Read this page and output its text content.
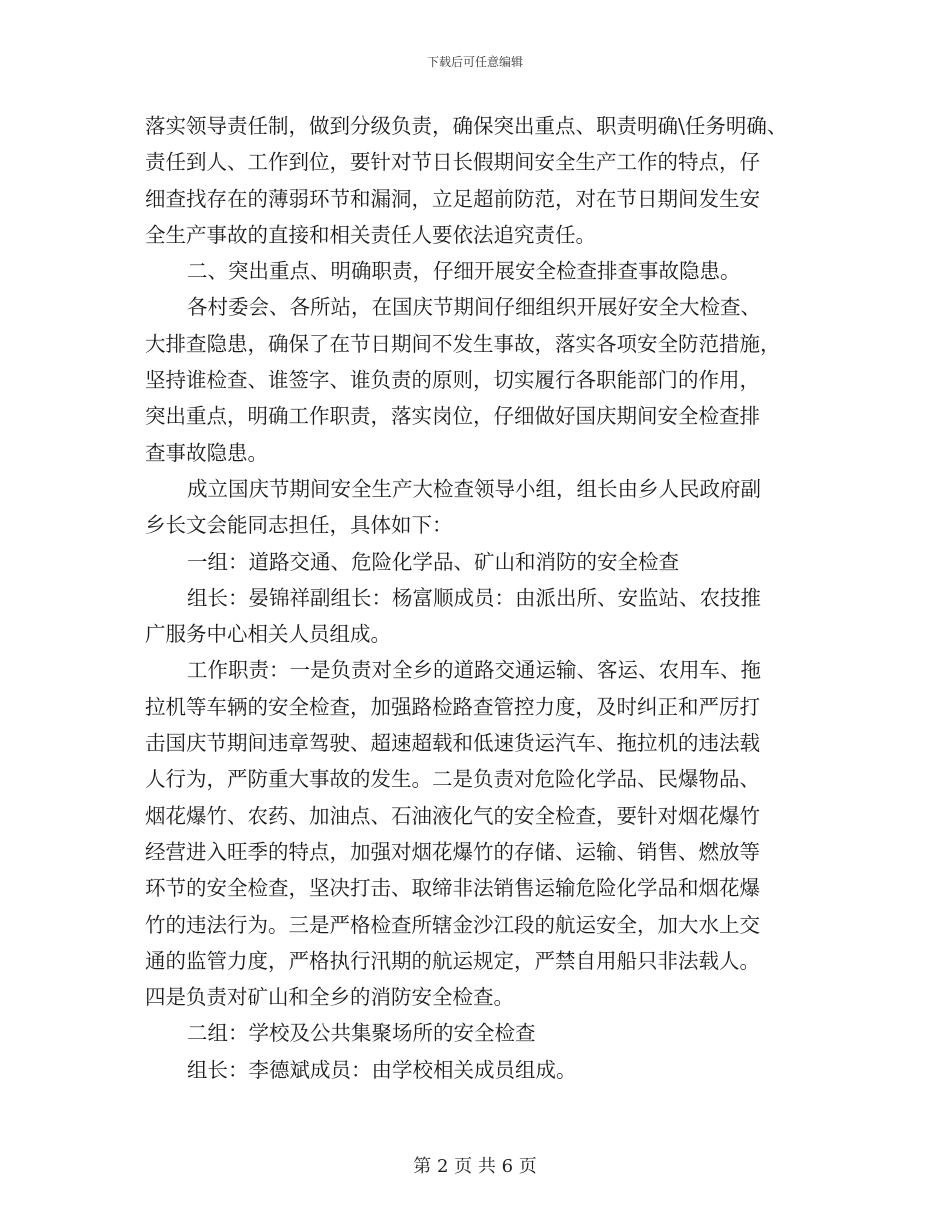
下载后可任意编辑
落实领导责任制，做到分级负责，确保突出重点、职责明确\任务明确、
责任到人、工作到位，要针对节日长假期间安全生产工作的特点，仔
细查找存在的薄弱环节和漏洞，立足超前防范，对在节日期间发生安
全生产事故的直接和相关责任人要依法追究责任。
二、突出重点、明确职责，仔细开展安全检查排查事故隐患。
各村委会、各所站，在国庆节期间仔细组织开展好安全大检查、
大排查隐患，确保了在节日期间不发生事故，落实各项安全防范措施，
坚持谁检查、谁签字、谁负责的原则，切实履行各职能部门的作用，
突出重点，明确工作职责，落实岗位，仔细做好国庆期间安全检查排
查事故隐患。
成立国庆节期间安全生产大检查领导小组，组长由乡人民政府副
乡长文会能同志担任，具体如下：
一组：道路交通、危险化学品、矿山和消防的安全检查
组长：晏锦祥副组长：杨富顺成员：由派出所、安监站、农技推
广服务中心相关人员组成。
工作职责：一是负责对全乡的道路交通运输、客运、农用车、拖
拉机等车辆的安全检查，加强路检路查管控力度，及时纠正和严厉打
击国庆节期间违章驾驶、超速超载和低速货运汽车、拖拉机的违法载
人行为，严防重大事故的发生。二是负责对危险化学品、民爆物品、
烟花爆竹、农药、加油点、石油液化气的安全检查，要针对烟花爆竹
经营进入旺季的特点，加强对烟花爆竹的存储、运输、销售、燃放等
环节的安全检查，坚决打击、取缔非法销售运输危险化学品和烟花爆
竹的违法行为。三是严格检查所辖金沙江段的航运安全，加大水上交
通的监管力度，严格执行汛期的航运规定，严禁自用船只非法载人。
四是负责对矿山和全乡的消防安全检查。
二组：学校及公共集聚场所的安全检查
组长：李德斌成员：由学校相关成员组成。
第 2 页 共 6 页
